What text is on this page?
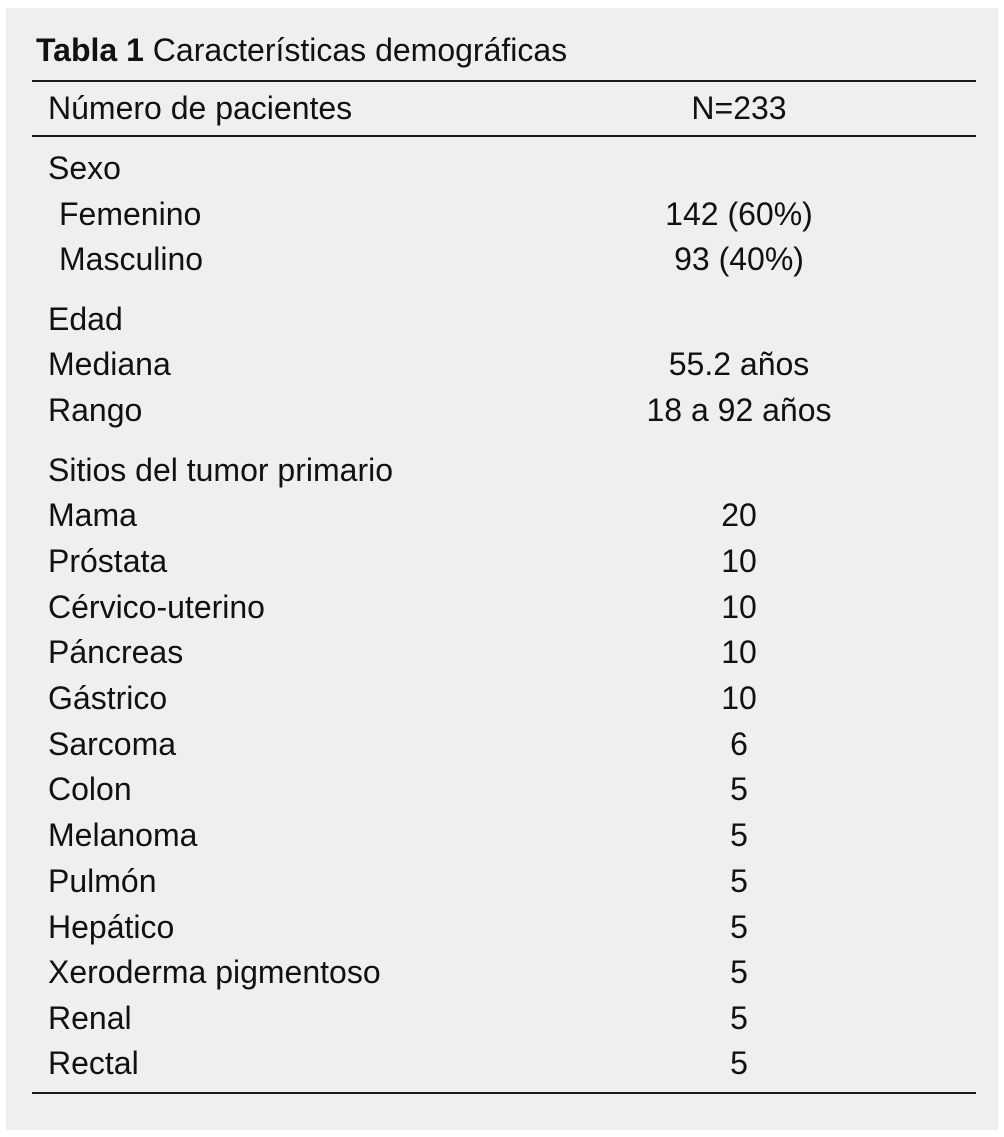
Tabla 1 Características demográficas
Número de pacientes	N=233
Sexo
Femenino	142 (60%)
Masculino	93 (40%)
Edad
Mediana	55.2 años
Rango	18 a 92 años
Sitios del tumor primario
Mama	20
Próstata	10
Cérvico-uterino	10
Páncreas	10
Gástrico	10
Sarcoma	6
Colon	5
Melanoma	5
Pulmón	5
Hepático	5
Xeroderma pigmentoso	5
Renal	5
Rectal	5
